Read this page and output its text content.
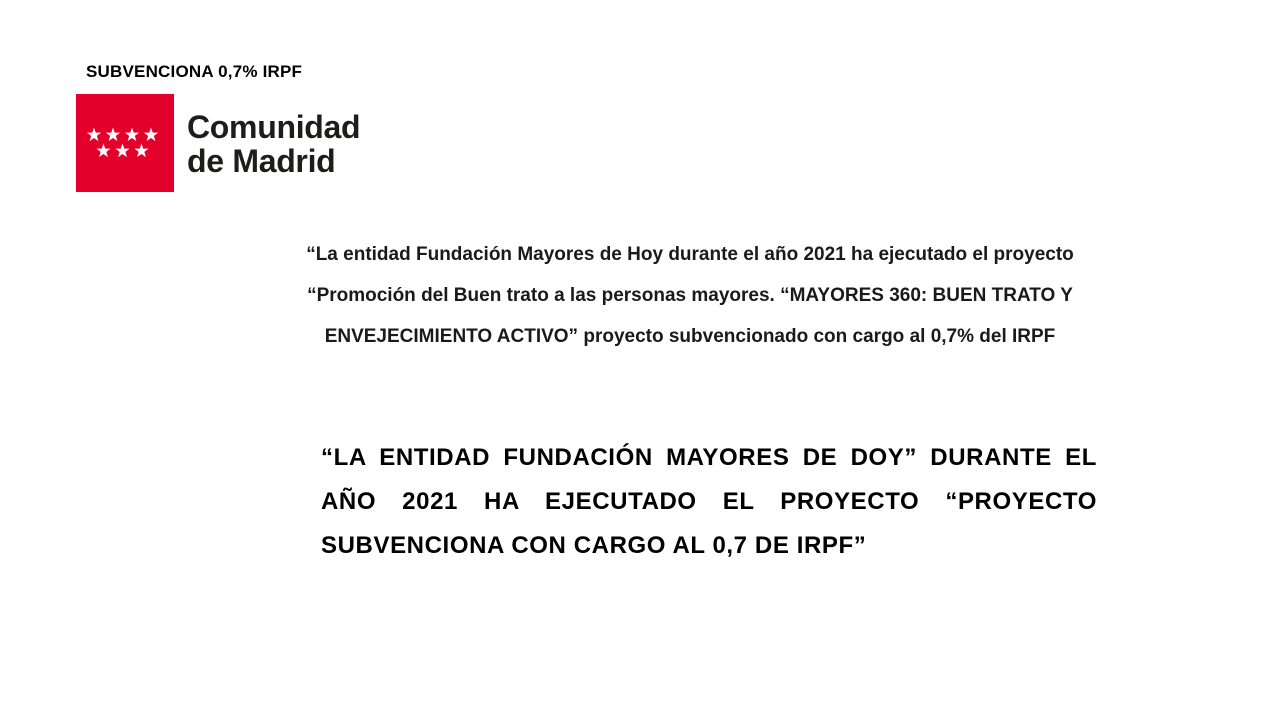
SUBVENCIONA 0,7% IRPF
Comunidad
de Madrid
“La entidad Fundación Mayores de Hoy durante el año 2021 ha ejecutado el proyecto “Promoción del Buen trato a las personas mayores. “MAYORES 360: BUEN TRATO Y ENVEJECIMIENTO ACTIVO” proyecto subvencionado con cargo al 0,7% del IRPF
“LA ENTIDAD FUNDACIÓN MAYORES DE DOY” DURANTE EL AÑO 2021 HA EJECUTADO EL PROYECTO “PROYECTO SUBVENCIONA CON CARGO AL 0,7 DE IRPF”
